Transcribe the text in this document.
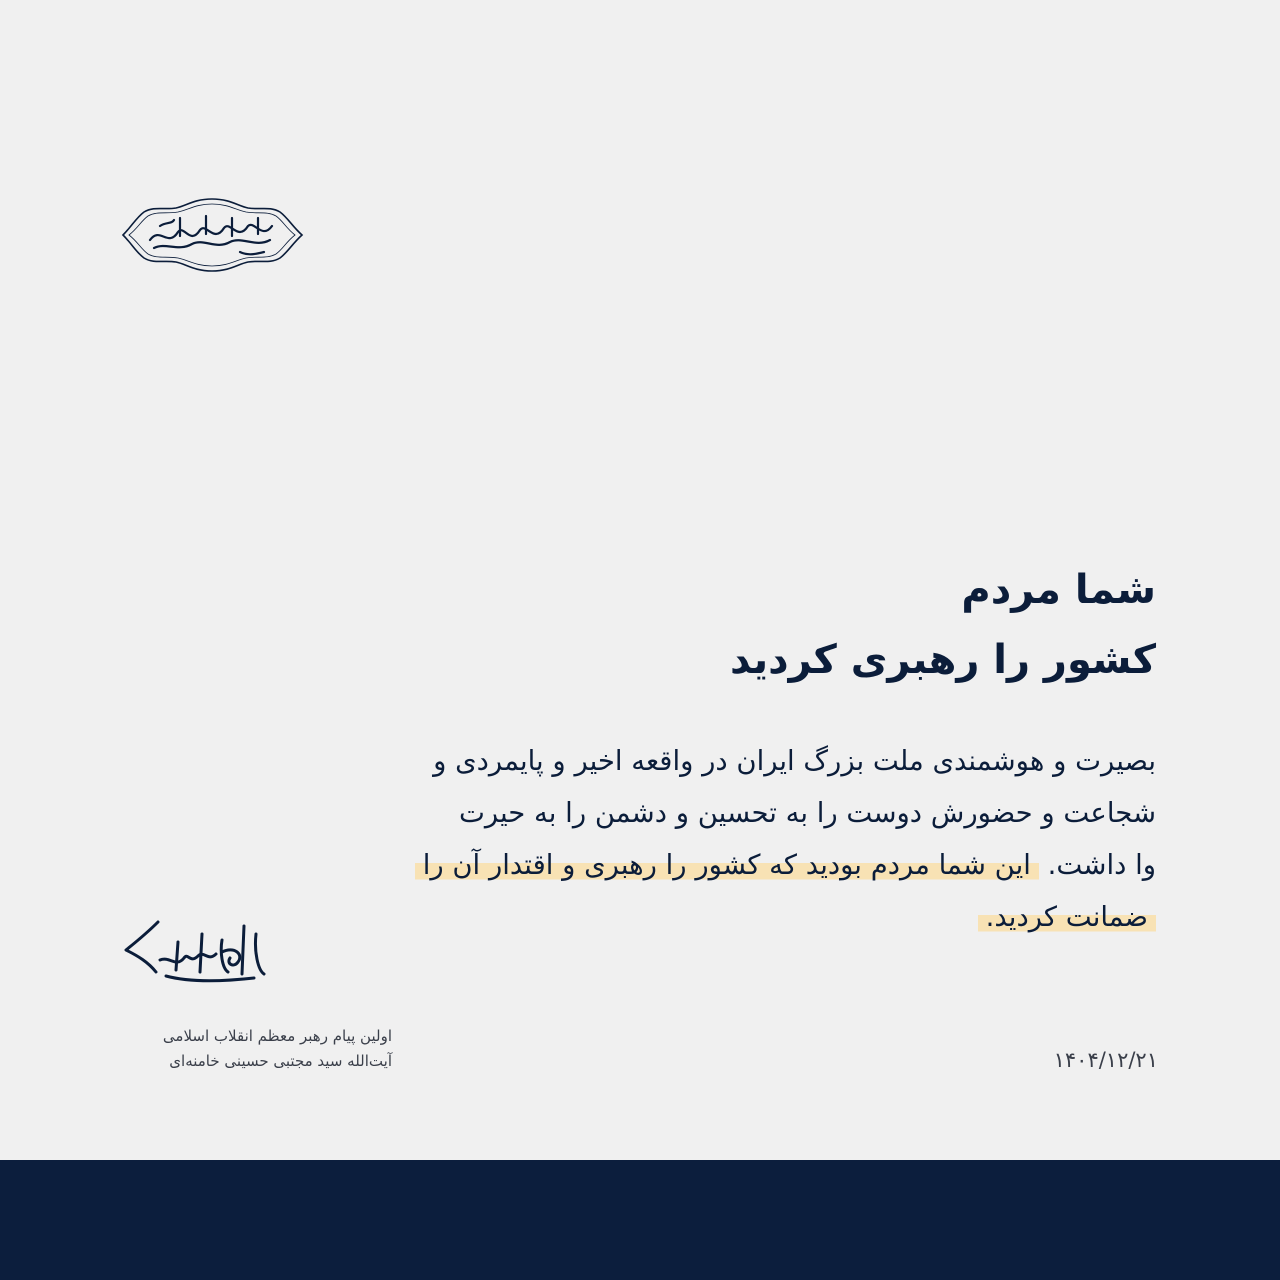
شما مردم
کشور را رهبری کردید
بصیرت و هوشمندی ملت بزرگ ایران در واقعه اخیر و پایمردی و
شجاعت و حضورش دوست را به تحسین و دشمن را به حیرت
وا داشت. این شما مردم بودید که کشور را رهبری و اقتدار آن را
ضمانت کردید.
اولین پیام رهبر معظم انقلاب اسلامی
آیت‌الله سید مجتبی حسینی خامنه‌ای	۱۴۰۴/۱۲/۲۱
